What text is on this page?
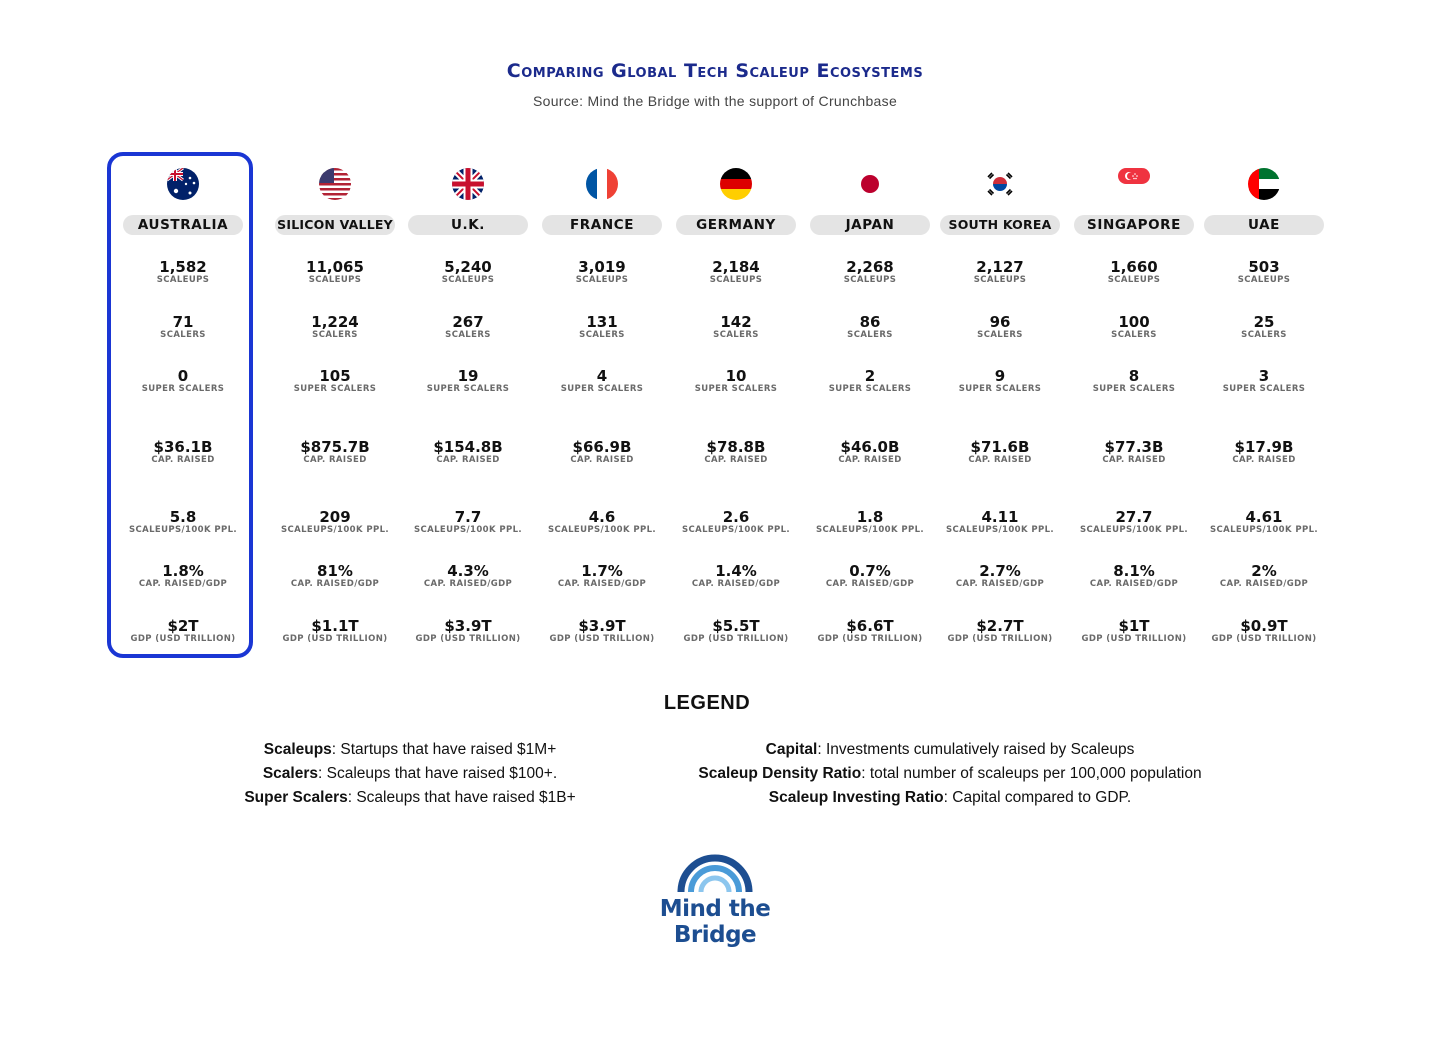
Comparing Global Tech Scaleup Ecosystems
Source: Mind the Bridge with the support of Crunchbase
AUSTRALIA
1,582
SCALEUPS
71
SCALERS
0
SUPER SCALERS
$36.1B
CAP. RAISED
5.8
SCALEUPS/100K PPL.
1.8%
CAP. RAISED/GDP
$2T
GDP (USD TRILLION)
SILICON VALLEY
11,065
SCALEUPS
1,224
SCALERS
105
SUPER SCALERS
$875.7B
CAP. RAISED
209
SCALEUPS/100K PPL.
81%
CAP. RAISED/GDP
$1.1T
GDP (USD TRILLION)
U.K.
5,240
SCALEUPS
267
SCALERS
19
SUPER SCALERS
$154.8B
CAP. RAISED
7.7
SCALEUPS/100K PPL.
4.3%
CAP. RAISED/GDP
$3.9T
GDP (USD TRILLION)
FRANCE
3,019
SCALEUPS
131
SCALERS
4
SUPER SCALERS
$66.9B
CAP. RAISED
4.6
SCALEUPS/100K PPL.
1.7%
CAP. RAISED/GDP
$3.9T
GDP (USD TRILLION)
GERMANY
2,184
SCALEUPS
142
SCALERS
10
SUPER SCALERS
$78.8B
CAP. RAISED
2.6
SCALEUPS/100K PPL.
1.4%
CAP. RAISED/GDP
$5.5T
GDP (USD TRILLION)
JAPAN
2,268
SCALEUPS
86
SCALERS
2
SUPER SCALERS
$46.0B
CAP. RAISED
1.8
SCALEUPS/100K PPL.
0.7%
CAP. RAISED/GDP
$6.6T
GDP (USD TRILLION)
SOUTH KOREA
2,127
SCALEUPS
96
SCALERS
9
SUPER SCALERS
$71.6B
CAP. RAISED
4.11
SCALEUPS/100K PPL.
2.7%
CAP. RAISED/GDP
$2.7T
GDP (USD TRILLION)
SINGAPORE
1,660
SCALEUPS
100
SCALERS
8
SUPER SCALERS
$77.3B
CAP. RAISED
27.7
SCALEUPS/100K PPL.
8.1%
CAP. RAISED/GDP
$1T
GDP (USD TRILLION)
UAE
503
SCALEUPS
25
SCALERS
3
SUPER SCALERS
$17.9B
CAP. RAISED
4.61
SCALEUPS/100K PPL.
2%
CAP. RAISED/GDP
$0.9T
GDP (USD TRILLION)
LEGEND
Scaleups: Startups that have raised $1M+
Scalers: Scaleups that have raised $100+.
Super Scalers: Scaleups that have raised $1B+
Capital: Investments cumulatively raised by Scaleups
Scaleup Density Ratio: total number of scaleups per 100,000 population
Scaleup Investing Ratio: Capital compared to GDP.
Mind the Bridge
